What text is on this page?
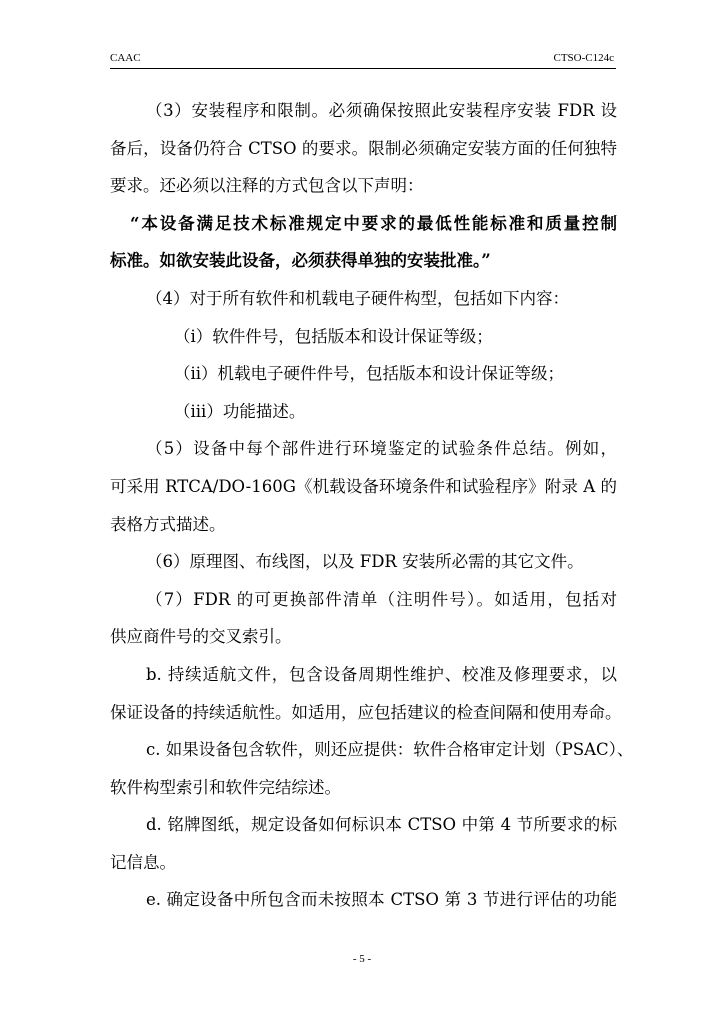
CAAC	CTSO-C124c
（3）安装程序和限制。必须确保按照此安装程序安装 FDR 设
备后，设备仍符合 CTSO 的要求。限制必须确定安装方面的任何独特
要求。还必须以注释的方式包含以下声明：
“本设备满足技术标准规定中要求的最低性能标准和质量控制
标准。如欲安装此设备，必须获得单独的安装批准。”
（4）对于所有软件和机载电子硬件构型，包括如下内容：
（i）软件件号，包括版本和设计保证等级；
（ii）机载电子硬件件号，包括版本和设计保证等级；
（iii）功能描述。
（5）设备中每个部件进行环境鉴定的试验条件总结。例如，
可采用 RTCA/DO-160G《机载设备环境条件和试验程序》附录 A 的
表格方式描述。
（6）原理图、布线图，以及 FDR 安装所必需的其它文件。
（7）FDR 的可更换部件清单（注明件号）。如适用，包括对
供应商件号的交叉索引。
b. 持续适航文件，包含设备周期性维护、校准及修理要求，以
保证设备的持续适航性。如适用，应包括建议的检查间隔和使用寿命。
c. 如果设备包含软件，则还应提供：软件合格审定计划（PSAC）、
软件构型索引和软件完结综述。
d. 铭牌图纸，规定设备如何标识本 CTSO 中第 4 节所要求的标
记信息。
e. 确定设备中所包含而未按照本 CTSO 第 3 节进行评估的功能
- 5 -
